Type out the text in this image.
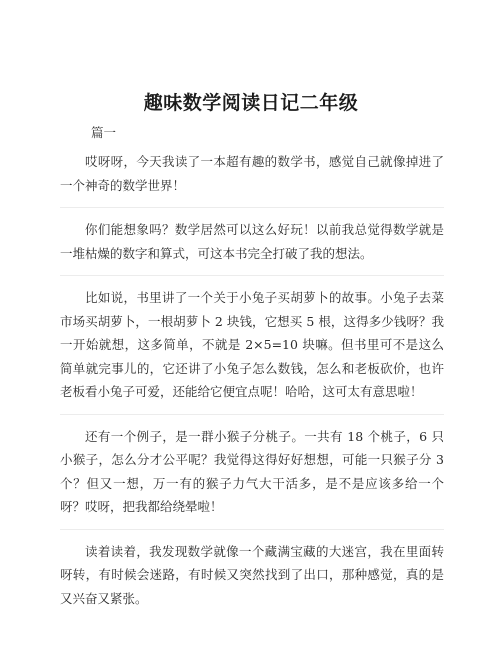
趣味数学阅读日记二年级
篇一

哎呀呀，今天我读了一本超有趣的数学书，感觉自己就像掉进了一个神奇的数学世界！

你们能想象吗？数学居然可以这么好玩！以前我总觉得数学就是一堆枯燥的数字和算式，可这本书完全打破了我的想法。

比如说，书里讲了一个关于小兔子买胡萝卜的故事。小兔子去菜市场买胡萝卜，一根胡萝卜 2 块钱，它想买 5 根，这得多少钱呀？我一开始就想，这多简单，不就是 2×5=10 块嘛。但书里可不是这么简单就完事儿的，它还讲了小兔子怎么数钱，怎么和老板砍价，也许老板看小兔子可爱，还能给它便宜点呢！哈哈，这可太有意思啦！

还有一个例子，是一群小猴子分桃子。一共有 18 个桃子，6 只小猴子，怎么分才公平呢？我觉得这得好好想想，可能一只猴子分 3 个？但又一想，万一有的猴子力气大干活多，是不是应该多给一个呀？哎呀，把我都给绕晕啦！

读着读着，我发现数学就像一个藏满宝藏的大迷宫，我在里面转呀转，有时候会迷路，有时候又突然找到了出口，那种感觉，真的是又兴奋又紧张。
